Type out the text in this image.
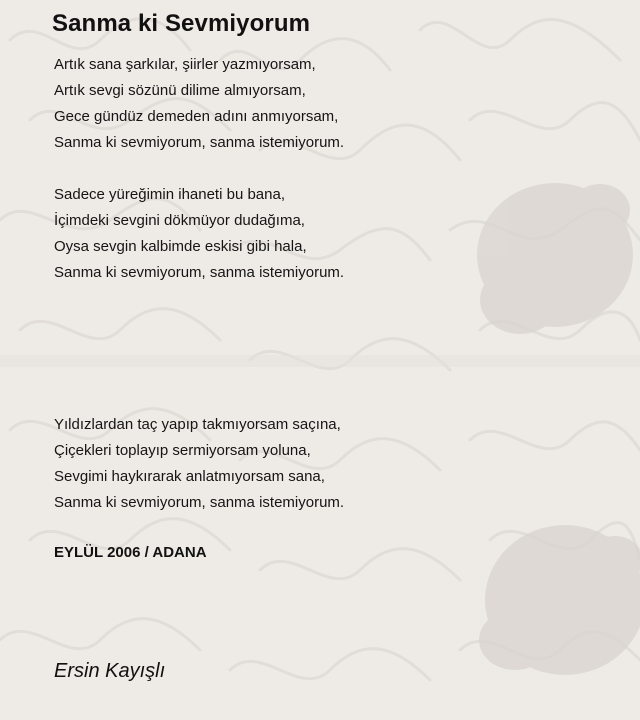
Sanma ki Sevmiyorum
Artık sana şarkılar, şiirler yazmıyorsam,
Artık sevgi sözünü dilime almıyorsam,
Gece gündüz demeden adını anmıyorsam,
Sanma ki sevmiyorum, sanma istemiyorum.
Sadece yüreğimin ihaneti bu bana,
İçimdeki sevgini dökmüyor dudağıma,
Oysa sevgin kalbimde eskisi gibi hala,
Sanma ki sevmiyorum, sanma istemiyorum.
Yıldızlardan taç yapıp takmıyorsam saçına,
Çiçekleri toplayıp sermiyorsam yoluna,
Sevgimi haykırarak anlatmıyorsam sana,
Sanma ki sevmiyorum, sanma istemiyorum.
EYLÜL 2006 / ADANA
Ersin Kayışlı
